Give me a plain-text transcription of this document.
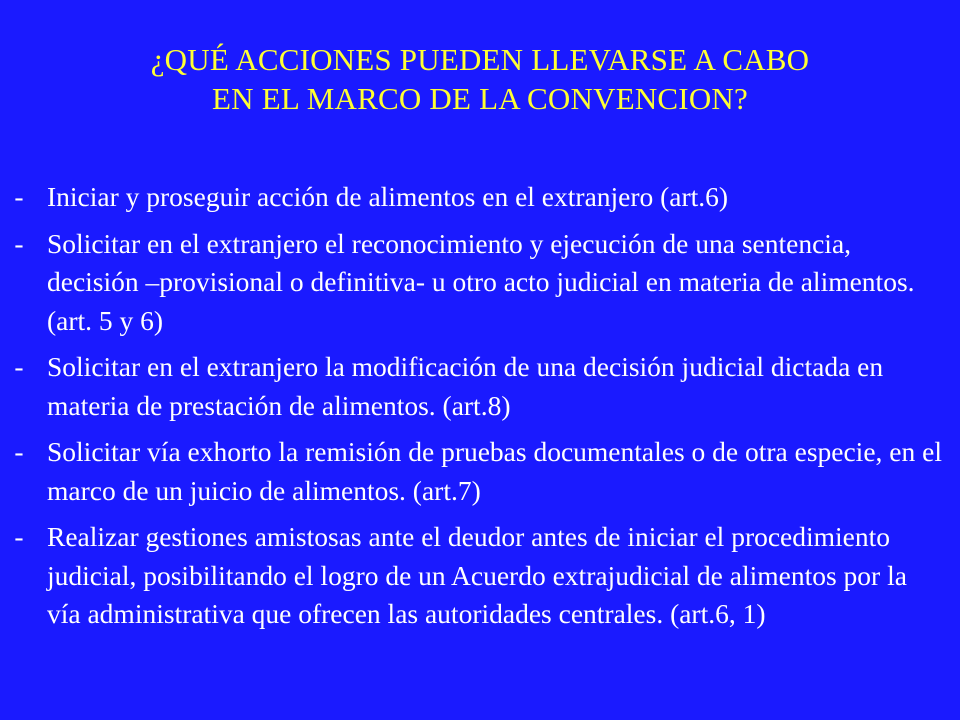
¿QUÉ ACCIONES PUEDEN LLEVARSE A CABO
EN EL MARCO DE LA CONVENCION?
- Iniciar y proseguir acción de alimentos en el extranjero (art.6)
- Solicitar en el extranjero el reconocimiento y ejecución de una sentencia, decisión –provisional o definitiva- u otro acto judicial en materia de alimentos. (art. 5 y 6)
- Solicitar en el extranjero la modificación de una decisión judicial dictada en materia de prestación de alimentos. (art.8)
- Solicitar vía exhorto la remisión de pruebas documentales o de otra especie, en el marco de un juicio de alimentos. (art.7)
- Realizar gestiones amistosas ante el deudor antes de iniciar el procedimiento judicial, posibilitando el logro de un Acuerdo extrajudicial de alimentos por la vía administrativa que ofrecen las autoridades centrales. (art.6, 1)
